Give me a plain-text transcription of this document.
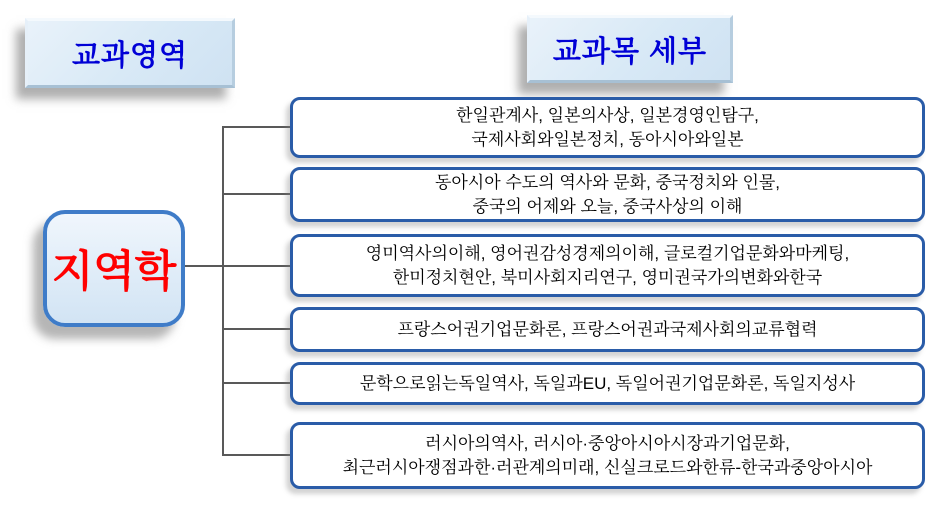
교과영역	교과목 세부
지역학
한일관계사, 일본의사상, 일본경영인탐구,
국제사회와일본정치, 동아시아와일본
동아시아 수도의 역사와 문화, 중국정치와 인물,
중국의 어제와 오늘, 중국사상의 이해
영미역사의이해, 영어권감성경제의이해, 글로컬기업문화와마케팅,
한미정치현안, 북미사회지리연구, 영미권국가의변화와한국
프랑스어권기업문화론, 프랑스어권과국제사회의교류협력
문학으로읽는독일역사, 독일과EU, 독일어권기업문화론, 독일지성사
러시아의역사, 러시아·중앙아시아시장과기업문화,
최근러시아쟁점과한·러관계의미래, 신실크로드와한류-한국과중앙아시아
